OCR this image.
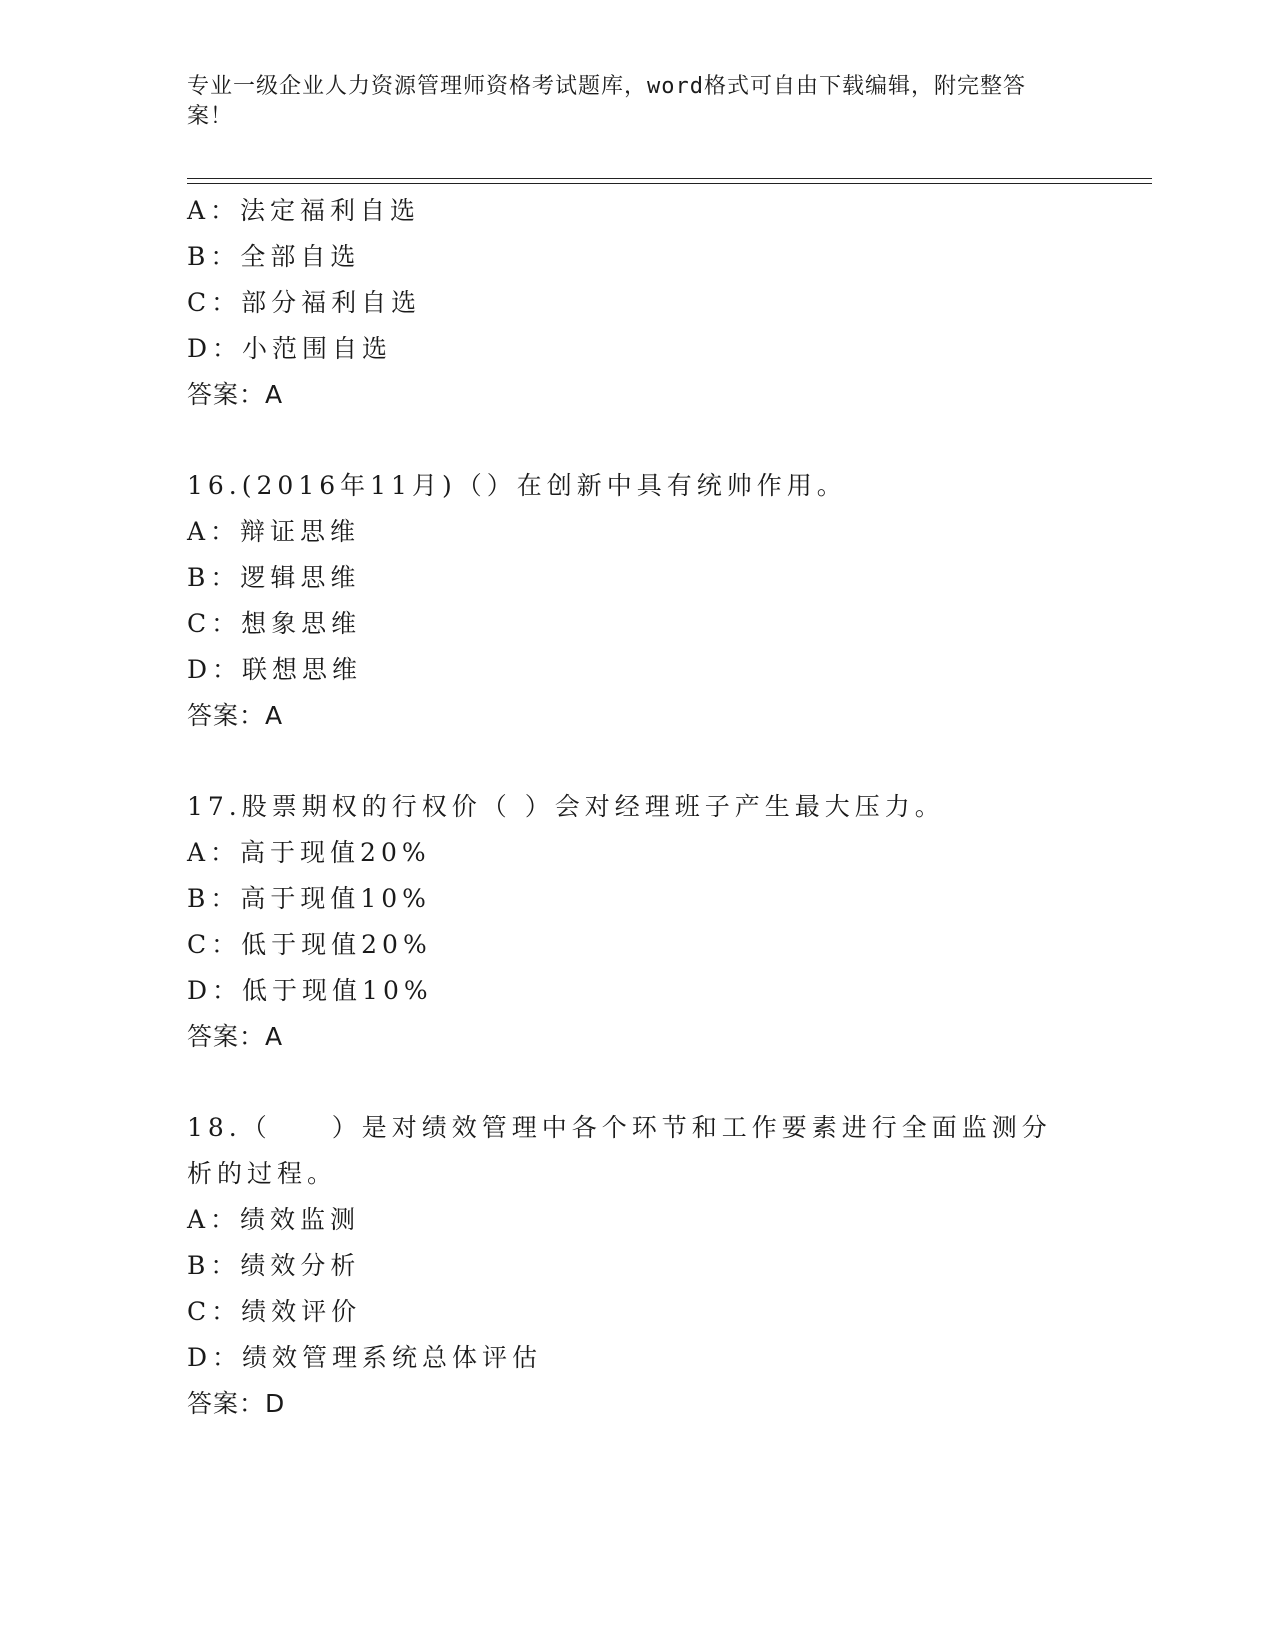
专业一级企业人力资源管理师资格考试题库，word格式可自由下载编辑，附完整答案！
A：法定福利自选
B：全部自选
C：部分福利自选
D：小范围自选
答案：A
16.(2016年11月)（）在创新中具有统帅作用。
A：辩证思维
B：逻辑思维
C：想象思维
D：联想思维
答案：A
17.股票期权的行权价（ ）会对经理班子产生最大压力。
A：高于现值20%
B：高于现值10%
C：低于现值20%
D：低于现值10%
答案：A
18.（　　）是对绩效管理中各个环节和工作要素进行全面监测分析的过程。
A：绩效监测
B：绩效分析
C：绩效评价
D：绩效管理系统总体评估
答案：D
